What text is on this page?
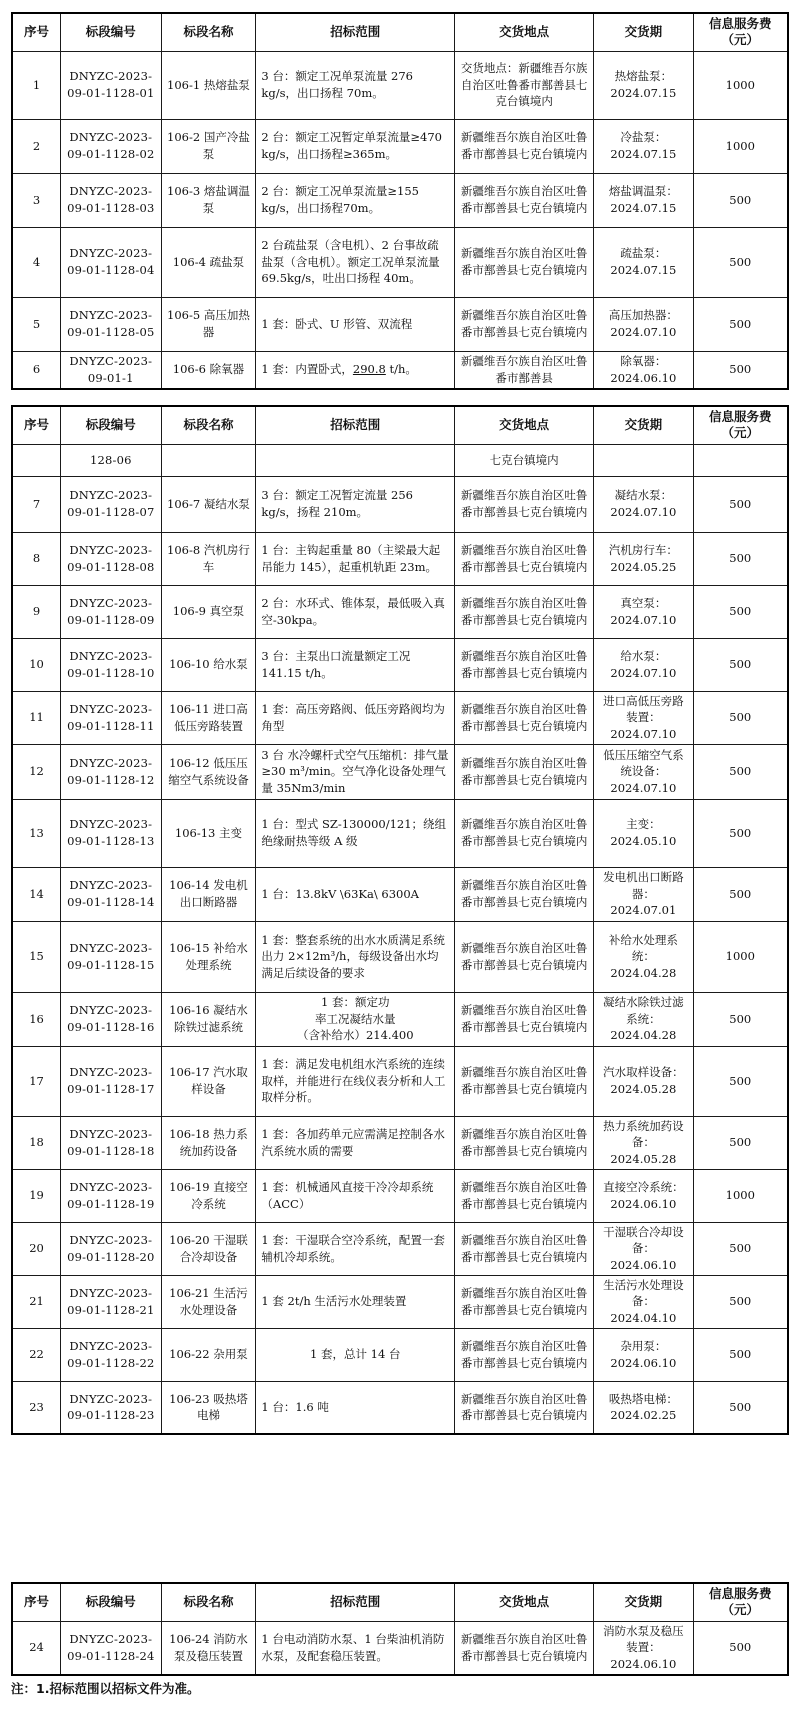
序号	标段编号	标段名称	招标范围	交货地点	交货期	信息服务费（元）
1	DNYZC-2023-09-01-1128-01	106-1 热熔盐泵	3 台：额定工况单泵流量 276 kg/s，出口扬程 70m。	交货地点：新疆维吾尔族自治区吐鲁番市鄯善县七克台镇境内	热熔盐泵：2024.07.15	1000
2	DNYZC-2023-09-01-1128-02	106-2 国产冷盐泵	2 台：额定工况暂定单泵流量≥470 kg/s，出口扬程≥365m。	新疆维吾尔族自治区吐鲁番市鄯善县七克台镇境内	冷盐泵：2024.07.15	1000
3	DNYZC-2023-09-01-1128-03	106-3 熔盐调温泵	2 台：额定工况单泵流量≥155 kg/s，出口扬程70m。	新疆维吾尔族自治区吐鲁番市鄯善县七克台镇境内	熔盐调温泵：2024.07.15	500
4	DNYZC-2023-09-01-1128-04	106-4 疏盐泵	2 台疏盐泵（含电机）、2 台事故疏盐泵（含电机）。额定工况单泵流量 69.5kg/s，吐出口扬程 40m。	新疆维吾尔族自治区吐鲁番市鄯善县七克台镇境内	疏盐泵：2024.07.15	500
5	DNYZC-2023-09-01-1128-05	106-5 高压加热器	1 套：卧式、U 形管、双流程	新疆维吾尔族自治区吐鲁番市鄯善县七克台镇境内	高压加热器：2024.07.10	500
6	DNYZC-2023-09-01-1	106-6 除氧器	1 套：内置卧式，290.8 t/h。	新疆维吾尔族自治区吐鲁番市鄯善县	除氧器：2024.06.10	500
序号	标段编号	标段名称	招标范围	交货地点	交货期	信息服务费（元）
	128-06			七克台镇境内		
7	DNYZC-2023-09-01-1128-07	106-7 凝结水泵	3 台：额定工况暂定流量 256 kg/s，扬程 210m。	新疆维吾尔族自治区吐鲁番市鄯善县七克台镇境内	凝结水泵：2024.07.10	500
8	DNYZC-2023-09-01-1128-08	106-8 汽机房行车	1 台：主钩起重量 80（主梁最大起吊能力 145），起重机轨距 23m。	新疆维吾尔族自治区吐鲁番市鄯善县七克台镇境内	汽机房行车：2024.05.25	500
9	DNYZC-2023-09-01-1128-09	106-9 真空泵	2 台：水环式、锥体泵，最低吸入真空-30kpa。	新疆维吾尔族自治区吐鲁番市鄯善县七克台镇境内	真空泵：2024.07.10	500
10	DNYZC-2023-09-01-1128-10	106-10 给水泵	3 台：主泵出口流量额定工况 141.15 t/h。	新疆维吾尔族自治区吐鲁番市鄯善县七克台镇境内	给水泵：2024.07.10	500
11	DNYZC-2023-09-01-1128-11	106-11 进口高低压旁路装置	1 套：高压旁路阀、低压旁路阀均为角型	新疆维吾尔族自治区吐鲁番市鄯善县七克台镇境内	进口高低压旁路装置：2024.07.10	500
12	DNYZC-2023-09-01-1128-12	106-12 低压压缩空气系统设备	3 台 水冷螺杆式空气压缩机：排气量≥30 m³/min。空气净化设备处理气量 35Nm3/min	新疆维吾尔族自治区吐鲁番市鄯善县七克台镇境内	低压压缩空气系统设备：2024.07.10	500
13	DNYZC-2023-09-01-1128-13	106-13 主变	1 台：型式 SZ-130000/121；绕组绝缘耐热等级 A 级	新疆维吾尔族自治区吐鲁番市鄯善县七克台镇境内	主变：2024.05.10	500
14	DNYZC-2023-09-01-1128-14	106-14 发电机出口断路器	1 台：13.8kV \63Ka\ 6300A	新疆维吾尔族自治区吐鲁番市鄯善县七克台镇境内	发电机出口断路器：2024.07.01	500
15	DNYZC-2023-09-01-1128-15	106-15 补给水处理系统	1 套：整套系统的出水水质满足系统出力 2×12m³/h，每级设备出水均满足后续设备的要求	新疆维吾尔族自治区吐鲁番市鄯善县七克台镇境内	补给水处理系统：2024.04.28	1000
16	DNYZC-2023-09-01-1128-16	106-16 凝结水除铁过滤系统	1 套：额定功
率工况凝结水量
（含补给水）214.400	新疆维吾尔族自治区吐鲁番市鄯善县七克台镇境内	凝结水除铁过滤系统：2024.04.28	500
17	DNYZC-2023-09-01-1128-17	106-17 汽水取样设备	1 套：满足发电机组水汽系统的连续取样，并能进行在线仪表分析和人工取样分析。	新疆维吾尔族自治区吐鲁番市鄯善县七克台镇境内	汽水取样设备：2024.05.28	500
18	DNYZC-2023-09-01-1128-18	106-18 热力系统加药设备	1 套：各加药单元应需满足控制各水汽系统水质的需要	新疆维吾尔族自治区吐鲁番市鄯善县七克台镇境内	热力系统加药设备：2024.05.28	500
19	DNYZC-2023-09-01-1128-19	106-19 直接空冷系统	1 套：机械通风直接干冷冷却系统（ACC）	新疆维吾尔族自治区吐鲁番市鄯善县七克台镇境内	直接空冷系统：2024.06.10	1000
20	DNYZC-2023-09-01-1128-20	106-20 干湿联合冷却设备	1 套：干湿联合空冷系统，配置一套辅机冷却系统。	新疆维吾尔族自治区吐鲁番市鄯善县七克台镇境内	干湿联合冷却设备：2024.06.10	500
21	DNYZC-2023-09-01-1128-21	106-21 生活污水处理设备	1 套 2t/h 生活污水处理装置	新疆维吾尔族自治区吐鲁番市鄯善县七克台镇境内	生活污水处理设备：2024.04.10	500
22	DNYZC-2023-09-01-1128-22	106-22 杂用泵	1 套，总计 14 台	新疆维吾尔族自治区吐鲁番市鄯善县七克台镇境内	杂用泵：2024.06.10	500
23	DNYZC-2023-09-01-1128-23	106-23 吸热塔电梯	1 台：1.6 吨	新疆维吾尔族自治区吐鲁番市鄯善县七克台镇境内	吸热塔电梯：2024.02.25	500
序号	标段编号	标段名称	招标范围	交货地点	交货期	信息服务费（元）
24	DNYZC-2023-09-01-1128-24	106-24 消防水泵及稳压装置	1 台电动消防水泵、1 台柴油机消防
水泵，及配套稳压装置。	新疆维吾尔族自治区吐鲁番市鄯善县七克台镇境内	消防水泵及稳压装置：2024.06.10	500
注：1.招标范围以招标文件为准。
